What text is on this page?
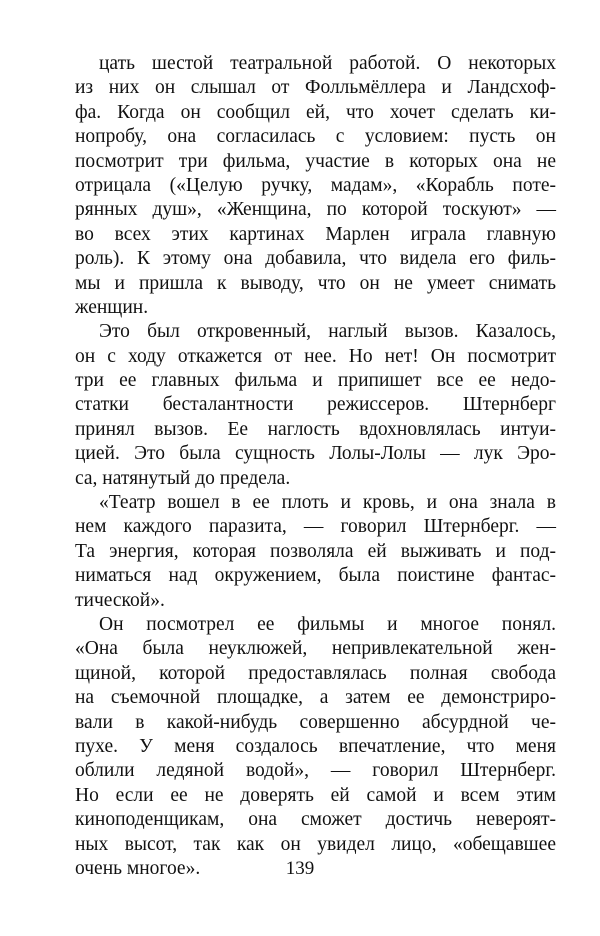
цать шестой театральной работой. О некоторых
из них он слышал от Фолльмёллера и Ландсхоф-
фа. Когда он сообщил ей, что хочет сделать ки-
нопробу, она согласилась с условием: пусть он
посмотрит три фильма, участие в которых она не
отрицала («Целую ручку, мадам», «Корабль поте-
рянных душ», «Женщина, по которой тоскуют» —
во всех этих картинах Марлен играла главную
роль). К этому она добавила, что видела его филь-
мы и пришла к выводу, что он не умеет снимать
женщин.
Это был откровенный, наглый вызов. Казалось,
он с ходу откажется от нее. Но нет! Он посмотрит
три ее главных фильма и припишет все ее недо-
статки бесталантности режиссеров. Штернберг
принял вызов. Ее наглость вдохновлялась интуи-
цией. Это была сущность Лолы-Лолы — лук Эро-
са, натянутый до предела.
«Театр вошел в ее плоть и кровь, и она знала в
нем каждого паразита, — говорил Штернберг. —
Та энергия, которая позволяла ей выживать и под-
ниматься над окружением, была поистине фантас-
тической».
Он посмотрел ее фильмы и многое понял.
«Она была неуклюжей, непривлекательной жен-
щиной, которой предоставлялась полная свобода
на съемочной площадке, а затем ее демонстриро-
вали в какой-нибудь совершенно абсурдной че-
пухе. У меня создалось впечатление, что меня
облили ледяной водой», — говорил Штернберг.
Но если ее не доверять ей самой и всем этим
киноподенщикам, она сможет достичь невероят-
ных высот, так как он увидел лицо, «обещавшее
очень многое».	139
